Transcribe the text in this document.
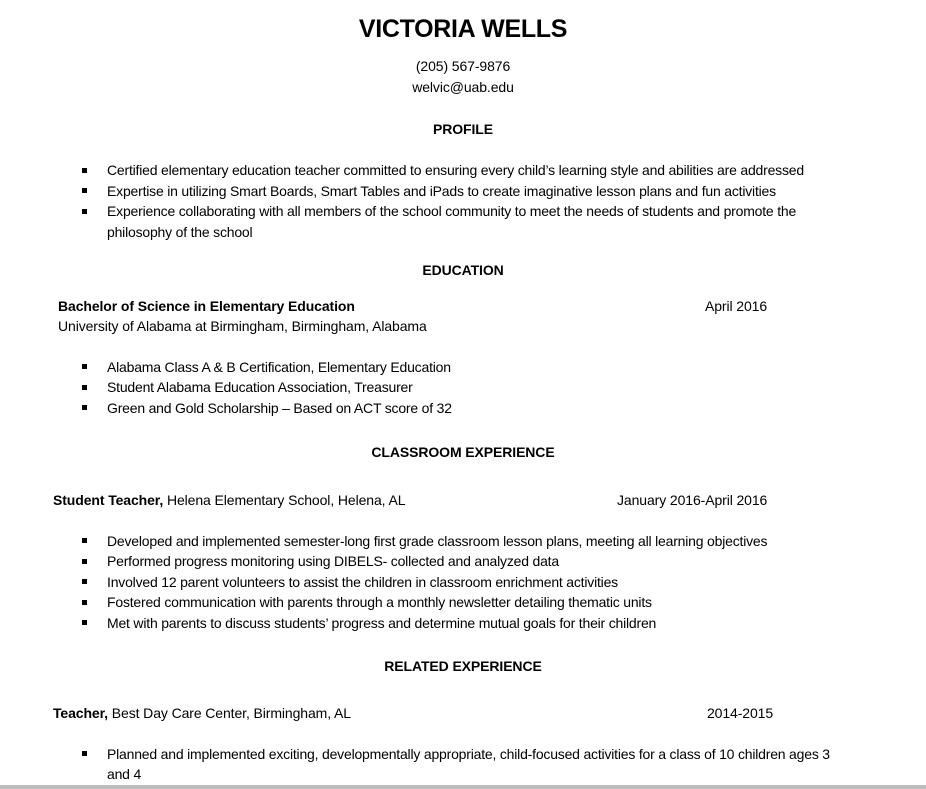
VICTORIA WELLS
(205) 567-9876
welvic@uab.edu
PROFILE
Certified elementary education teacher committed to ensuring every child’s learning style and abilities are addressed
Expertise in utilizing Smart Boards, Smart Tables and iPads to create imaginative lesson plans and fun activities
Experience collaborating with all members of the school community to meet the needs of students and promote the philosophy of the school
EDUCATION
Bachelor of Science in Elementary Education	April 2016
University of Alabama at Birmingham, Birmingham, Alabama
Alabama Class A & B Certification, Elementary Education
Student Alabama Education Association, Treasurer
Green and Gold Scholarship – Based on ACT score of 32
CLASSROOM EXPERIENCE
Student Teacher, Helena Elementary School, Helena, AL	January 2016-April 2016
Developed and implemented semester-long first grade classroom lesson plans, meeting all learning objectives
Performed progress monitoring using DIBELS- collected and analyzed data
Involved 12 parent volunteers to assist the children in classroom enrichment activities
Fostered communication with parents through a monthly newsletter detailing thematic units
Met with parents to discuss students’ progress and determine mutual goals for their children
RELATED EXPERIENCE
Teacher, Best Day Care Center, Birmingham, AL	2014-2015
Planned and implemented exciting, developmentally appropriate, child-focused activities for a class of 10 children ages 3 and 4
